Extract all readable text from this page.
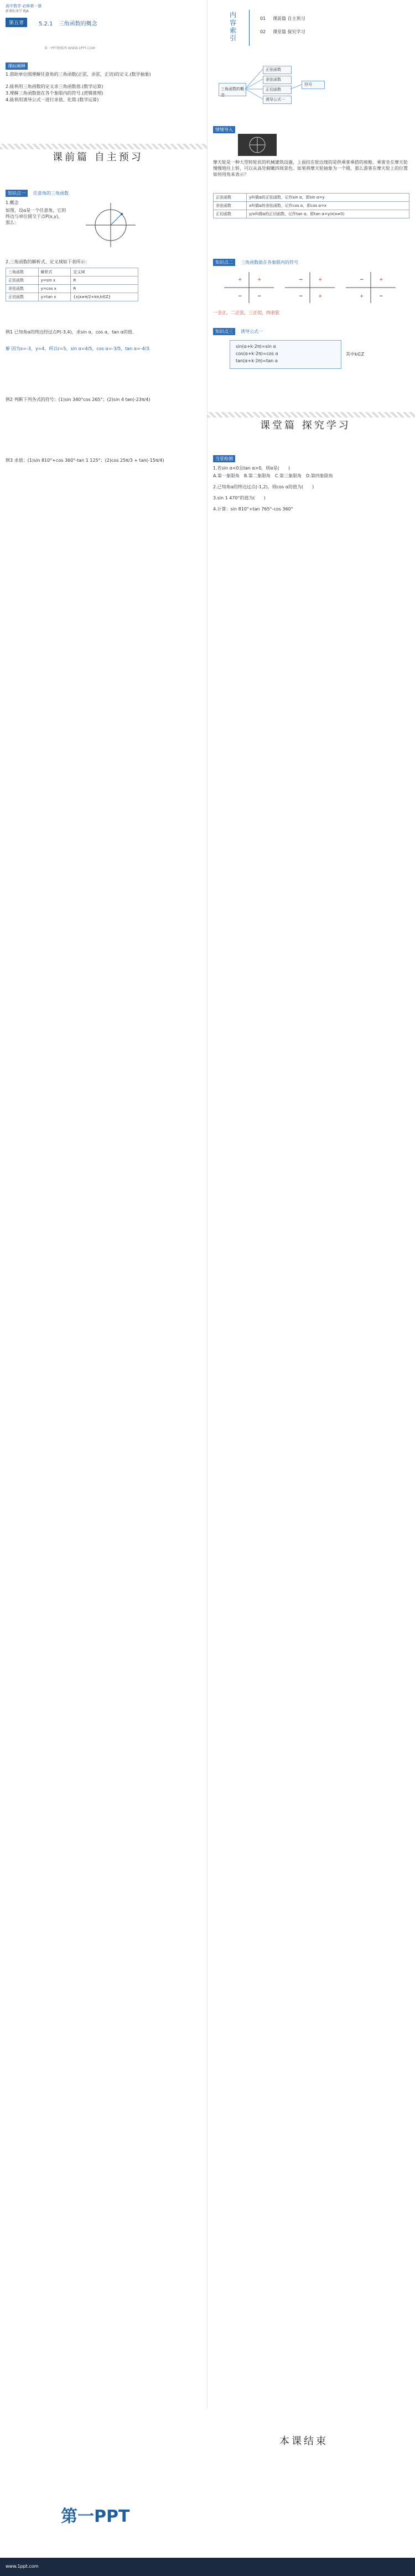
高中数学·必修第一册
新课标导学 RJA
第五章	5.2.1　三角函数的概念
第一PPT模板网 WWW.1PPT.COM
内容索引
01 课前篇 自主预习
02 课堂篇 探究学习
课标阐释
1.借助单位圆理解任意角的三角函数(正弦、余弦、正切)的定义.(数学抽象)
2.能利用三角函数的定义求三角函数值.(数学运算)
3.理解三角函数值在各个象限内的符号.(逻辑推理)
4.能利用诱导公式一进行求值、化简.(数学运算)
三角函数的概念
正弦函数
余弦函数
正切函数
诱导公式一
符号
课前篇 自主预习
情境导入
摩天轮是一种大型转轮状的机械建筑设施，上面挂在轮边缘的是供乘客乘搭的座舱。乘客坐在摩天轮慢慢地往上转，可以从高处俯瞰四周景色。如果将摩天轮抽象为一个圆，那么游客在摩天轮上的位置如何用角来表示？
知识点一	任意角的三角函数
1.概念
如图，设α是一个任意角，它的终边与单位圆交于点P(x,y)，那么：
正弦函数	y叫做α的正弦函数，记作sin α，即sin α=y
余弦函数	x叫做α的余弦函数，记作cos α，即cos α=x
正切函数	y/x叫做α的正切函数，记作tan α，即tan α=y/x(x≠0)
2.三角函数的解析式、定义域如下表所示：
三角函数	解析式	定义域
正弦函数	y=sin x	R
余弦函数	y=cos x	R
正切函数	y=tan x	{x|x≠π/2+kπ,k∈Z}
知识点二	三角函数值在各象限内的符号
+
+
−	−
+
−
−	+
+
−
+	−
一全正，二正弦，三正切，四余弦
例1 已知角α的终边经过点P(-3,4)，求sin α，cos α，tan α的值.
解 因为x=-3，y=4，所以r=5，sin α=4/5，cos α=-3/5，tan α=-4/3.
知识点三	诱导公式一
sin(α+k·2π)=sin α
cos(α+k·2π)=cos α
tan(α+k·2π)=tan α
其中k∈Z
例2 判断下列各式的符号：(1)sin 340°cos 265°；(2)sin 4 tan(-23π/4)
课堂篇 探究学习
例3 求值：(1)sin 810°+cos 360°-tan 1 125°；(2)cos 25π/3 + tan(-15π/4)	当堂检测
1.若sin α<0且tan α>0，则α是(　　)
A.第一象限角　B.第二象限角　C.第三象限角　D.第四象限角
2.已知角α的终边过点(-1,2)，则cos α的值为(　　)
3.sin 1 470°的值为(　　)
4.计算：sin 810°+tan 765°-cos 360°
本课结束
第一PPT
www.1ppt.com
